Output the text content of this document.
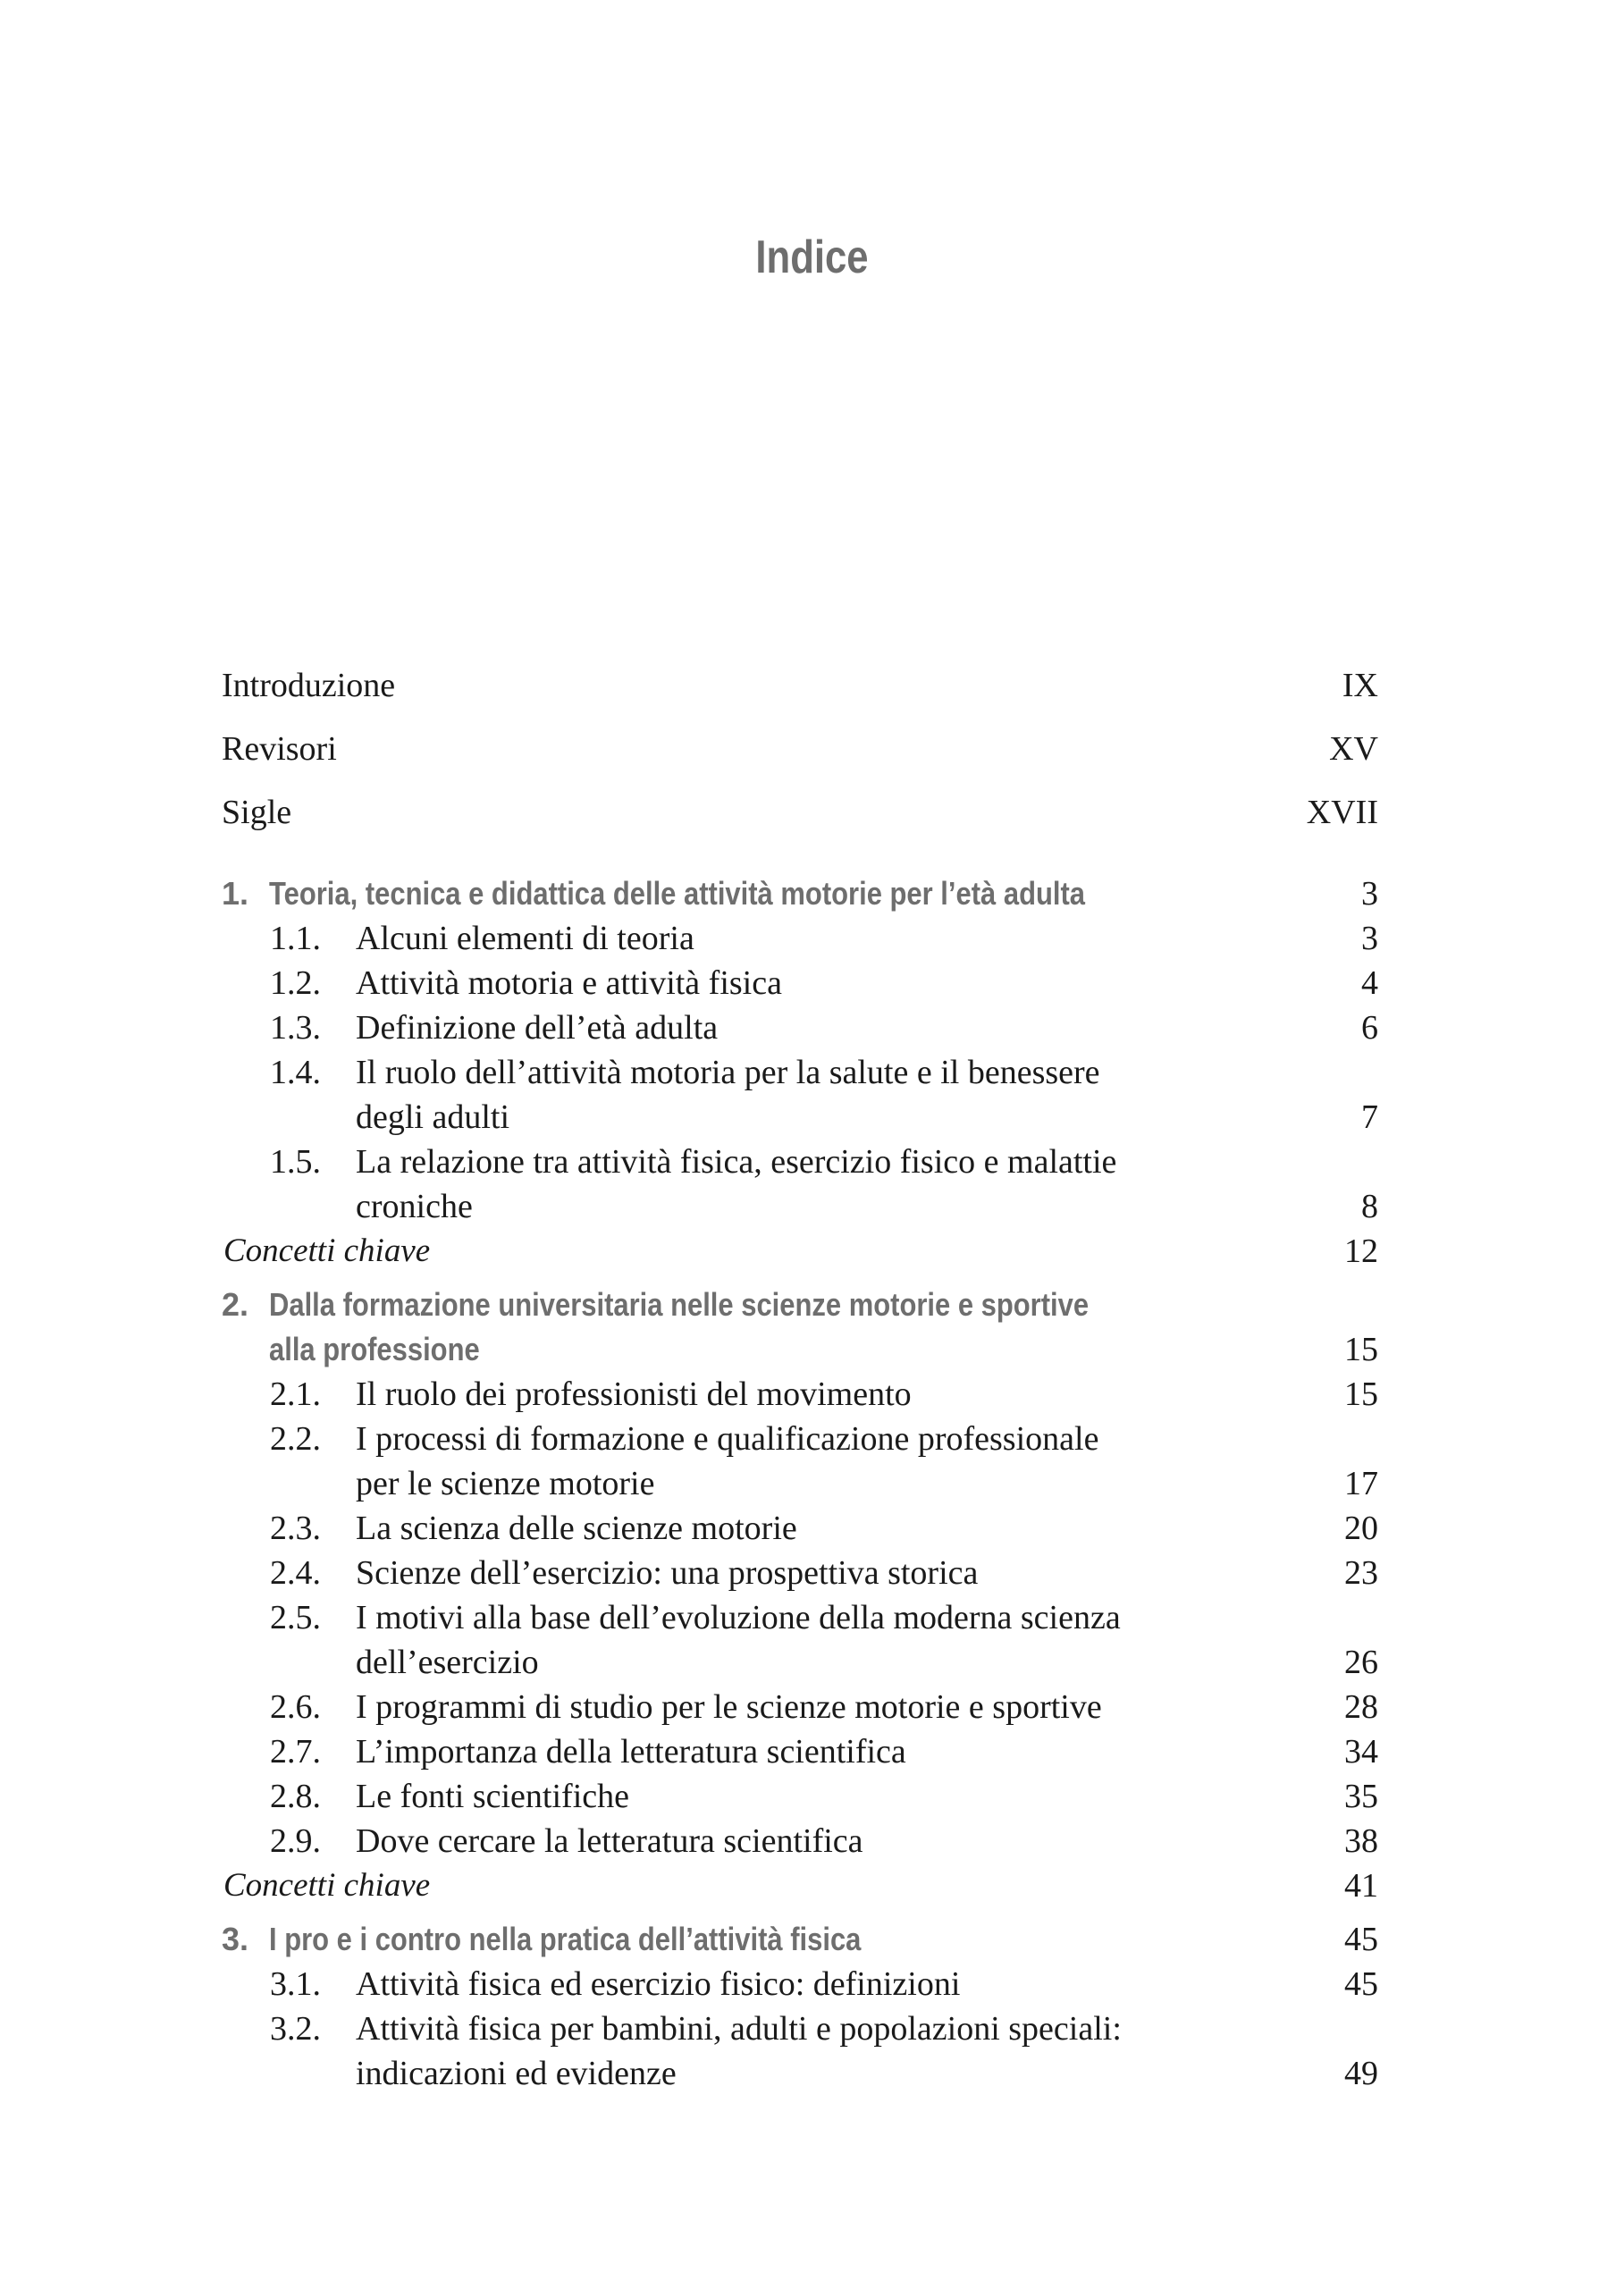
Indice
Introduzione	IX
Revisori	XV
Sigle	XVII
1. Teoria, tecnica e didattica delle attività motorie per l’età adulta	3
1.1. Alcuni elementi di teoria	3
1.2. Attività motoria e attività fisica	4
1.3. Definizione dell’età adulta	6
1.4. Il ruolo dell’attività motoria per la salute e il benessere
degli adulti	7
1.5. La relazione tra attività fisica, esercizio fisico e malattie
croniche	8
Concetti chiave	12
2. Dalla formazione universitaria nelle scienze motorie e sportive
alla professione	15
2.1. Il ruolo dei professionisti del movimento	15
2.2. I processi di formazione e qualificazione professionale
per le scienze motorie	17
2.3. La scienza delle scienze motorie	20
2.4. Scienze dell’esercizio: una prospettiva storica	23
2.5. I motivi alla base dell’evoluzione della moderna scienza
dell’esercizio	26
2.6. I programmi di studio per le scienze motorie e sportive	28
2.7. L’importanza della letteratura scientifica	34
2.8. Le fonti scientifiche	35
2.9. Dove cercare la letteratura scientifica	38
Concetti chiave	41
3. I pro e i contro nella pratica dell’attività fisica	45
3.1. Attività fisica ed esercizio fisico: definizioni	45
3.2. Attività fisica per bambini, adulti e popolazioni speciali:
indicazioni ed evidenze	49
